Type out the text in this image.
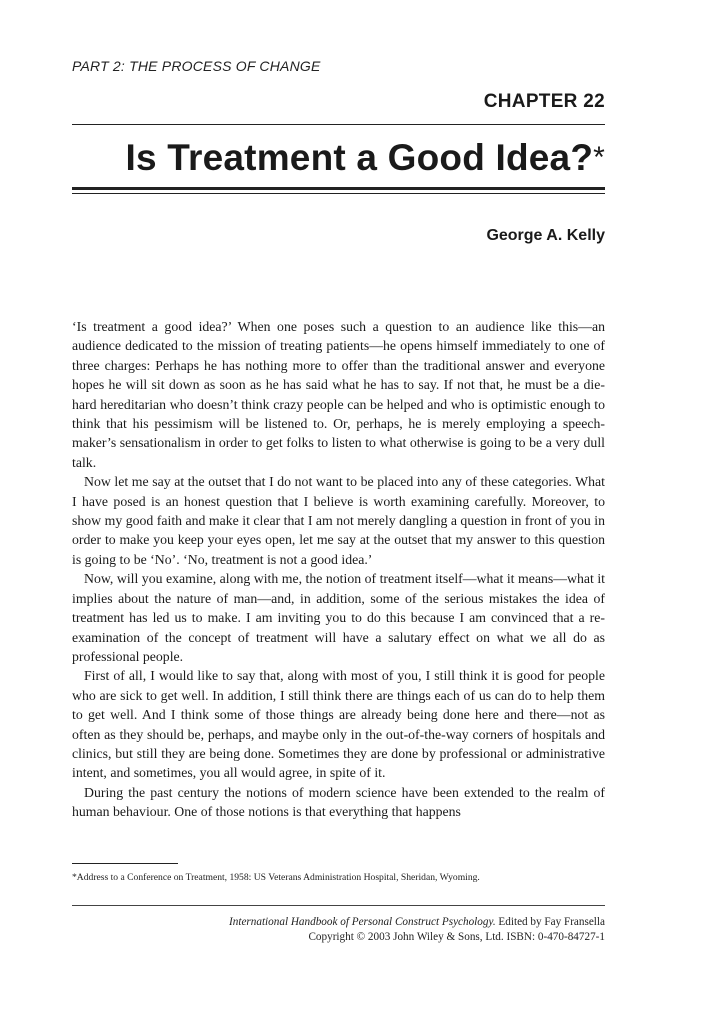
PART 2: THE PROCESS OF CHANGE
CHAPTER 22
Is Treatment a Good Idea?*
George A. Kelly

‘Is treatment a good idea?’ When one poses such a question to an audience like this—an audience dedicated to the mission of treating patients—he opens himself immediately to one of three charges: Perhaps he has nothing more to offer than the traditional answer and everyone hopes he will sit down as soon as he has said what he has to say. If not that, he must be a die-hard hereditarian who doesn’t think crazy people can be helped and who is optimistic enough to think that his pessimism will be listened to. Or, perhaps, he is merely employing a speech-maker’s sensationalism in order to get folks to listen to what otherwise is going to be a very dull talk.

Now let me say at the outset that I do not want to be placed into any of these categories. What I have posed is an honest question that I believe is worth examining carefully. Moreover, to show my good faith and make it clear that I am not merely dangling a question in front of you in order to make you keep your eyes open, let me say at the outset that my answer to this question is going to be ‘No’. ‘No, treatment is not a good idea.’

Now, will you examine, along with me, the notion of treatment itself—what it means—what it implies about the nature of man—and, in addition, some of the serious mistakes the idea of treatment has led us to make. I am inviting you to do this because I am convinced that a re-examination of the concept of treatment will have a salutary effect on what we all do as professional people.

First of all, I would like to say that, along with most of you, I still think it is good for people who are sick to get well. In addition, I still think there are things each of us can do to help them to get well. And I think some of those things are already being done here and there—not as often as they should be, perhaps, and maybe only in the out-of-the-way corners of hospitals and clinics, but still they are being done. Sometimes they are done by professional or administrative intent, and sometimes, you all would agree, in spite of it.

During the past century the notions of modern science have been extended to the realm of human behaviour. One of those notions is that everything that happens

*Address to a Conference on Treatment, 1958: US Veterans Administration Hospital, Sheridan, Wyoming.
International Handbook of Personal Construct Psychology. Edited by Fay Fransella
Copyright © 2003 John Wiley & Sons, Ltd. ISBN: 0-470-84727-1
